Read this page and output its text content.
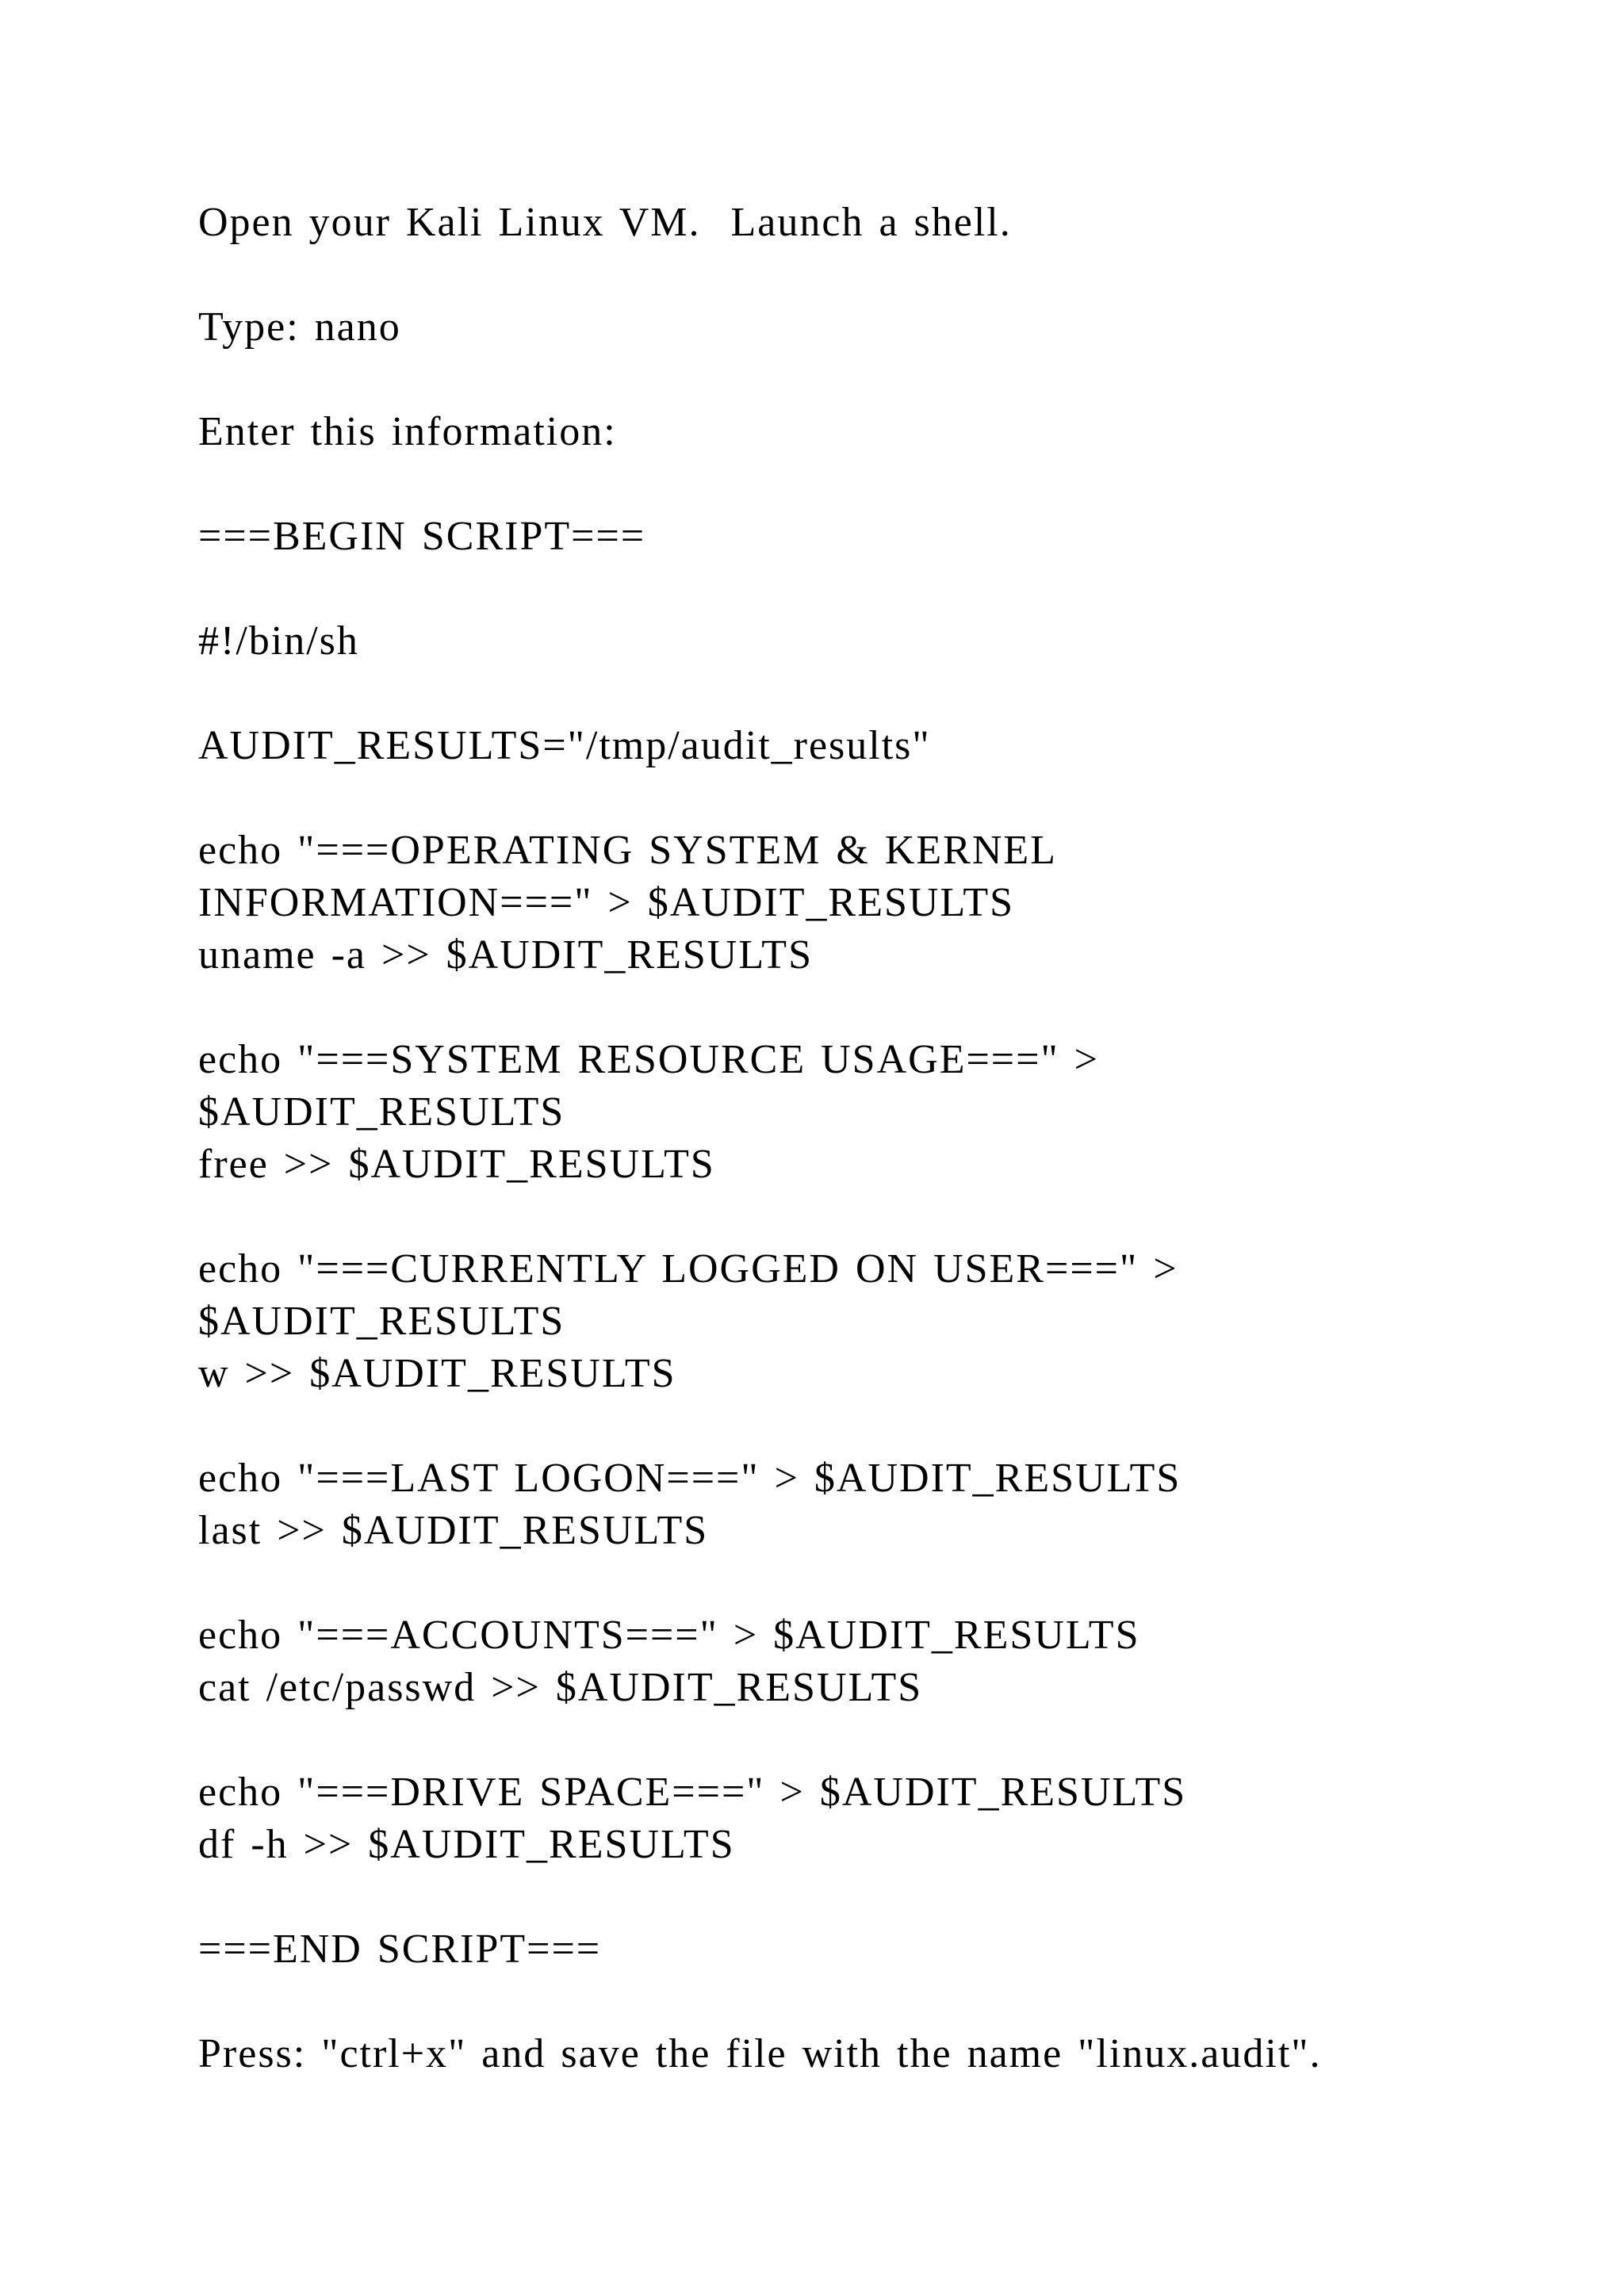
Open your Kali Linux VM.  Launch a shell.
Type: nano
Enter this information:
===BEGIN SCRIPT===
#!/bin/sh
AUDIT_RESULTS="/tmp/audit_results"
echo "===OPERATING SYSTEM & KERNEL
INFORMATION===" > $AUDIT_RESULTS
uname -a >> $AUDIT_RESULTS
echo "===SYSTEM RESOURCE USAGE===" >
$AUDIT_RESULTS
free >> $AUDIT_RESULTS
echo "===CURRENTLY LOGGED ON USER===" >
$AUDIT_RESULTS
w >> $AUDIT_RESULTS
echo "===LAST LOGON===" > $AUDIT_RESULTS
last >> $AUDIT_RESULTS
echo "===ACCOUNTS===" > $AUDIT_RESULTS
cat /etc/passwd >> $AUDIT_RESULTS
echo "===DRIVE SPACE===" > $AUDIT_RESULTS
df -h >> $AUDIT_RESULTS
===END SCRIPT===
Press: "ctrl+x" and save the file with the name "linux.audit".
